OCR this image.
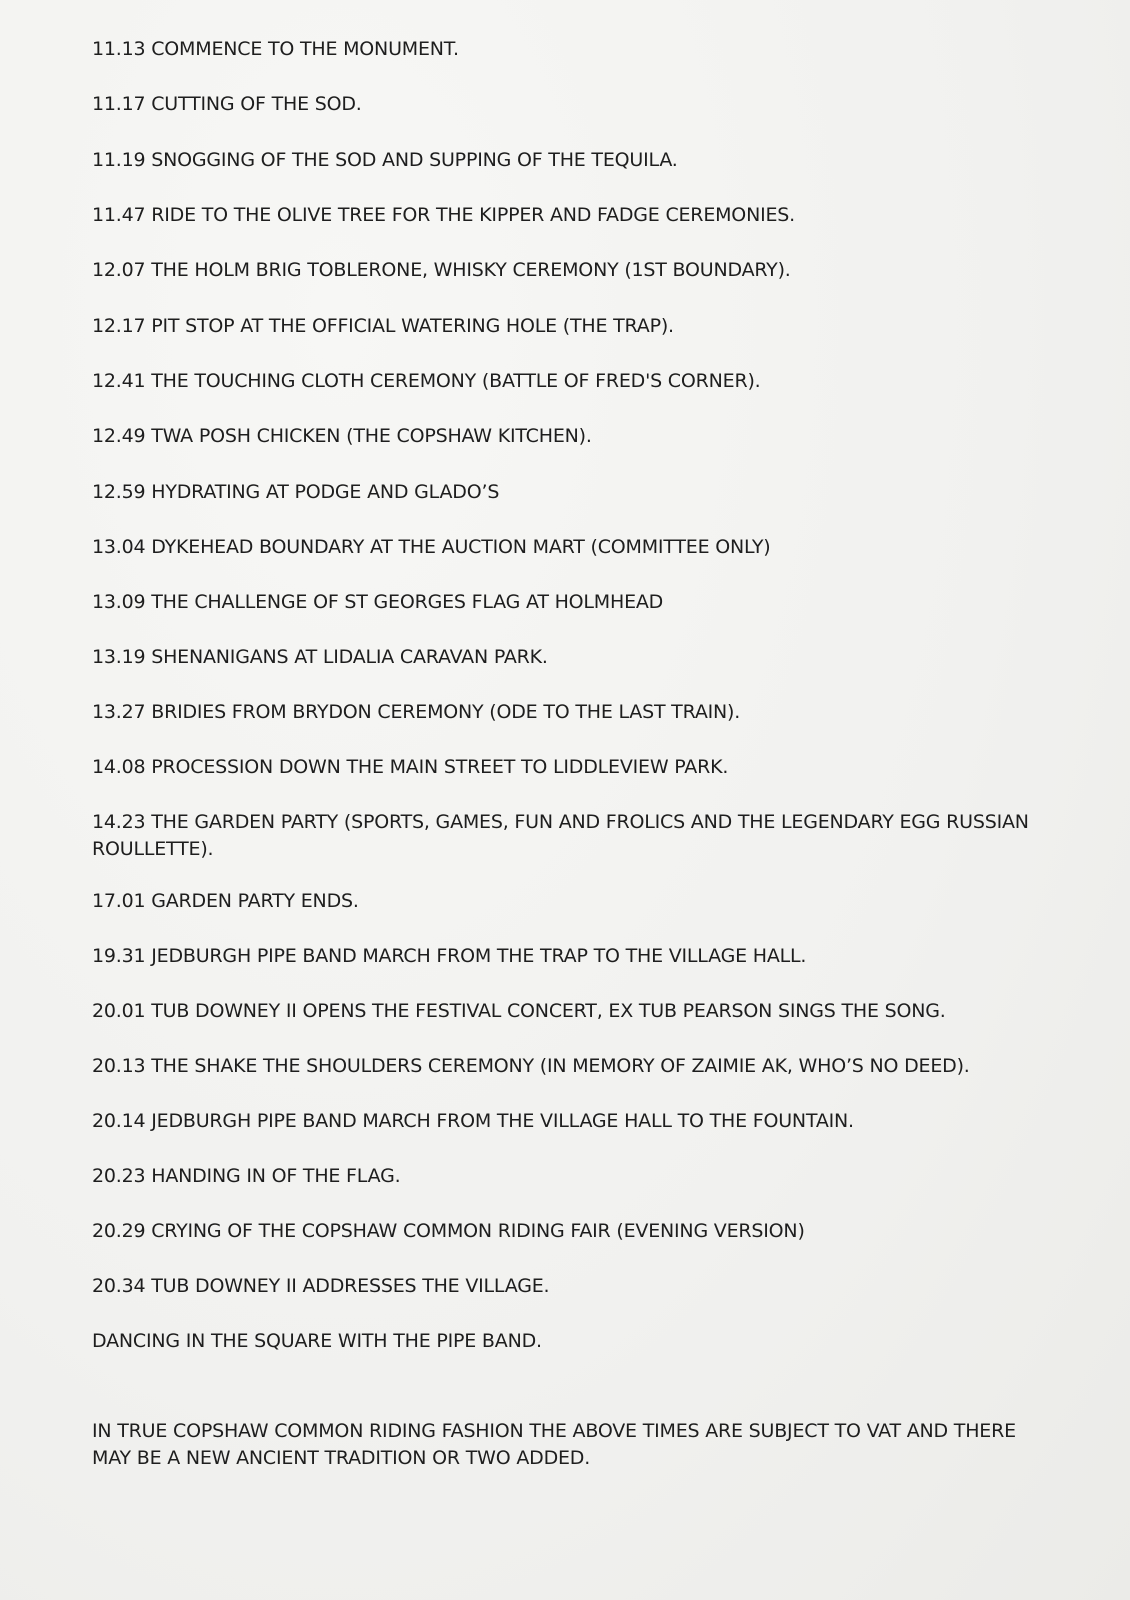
11.13 COMMENCE TO THE MONUMENT.
11.17 CUTTING OF THE SOD.
11.19 SNOGGING OF THE SOD AND SUPPING OF THE TEQUILA.
11.47 RIDE TO THE OLIVE TREE FOR THE KIPPER AND FADGE CEREMONIES.
12.07 THE HOLM BRIG TOBLERONE, WHISKY CEREMONY (1ST BOUNDARY).
12.17 PIT STOP AT THE OFFICIAL WATERING HOLE (THE TRAP).
12.41 THE TOUCHING CLOTH CEREMONY (BATTLE OF FRED'S CORNER).
12.49 TWA POSH CHICKEN (THE COPSHAW KITCHEN).
12.59 HYDRATING AT PODGE AND GLADO’S
13.04 DYKEHEAD BOUNDARY AT THE AUCTION MART (COMMITTEE ONLY)
13.09 THE CHALLENGE OF ST GEORGES FLAG AT HOLMHEAD
13.19 SHENANIGANS AT LIDALIA CARAVAN PARK.
13.27 BRIDIES FROM BRYDON CEREMONY (ODE TO THE LAST TRAIN).
14.08 PROCESSION DOWN THE MAIN STREET TO LIDDLEVIEW PARK.
14.23 THE GARDEN PARTY (SPORTS, GAMES, FUN AND FROLICS AND THE LEGENDARY EGG RUSSIAN ROULLETTE).
17.01 GARDEN PARTY ENDS.
19.31 JEDBURGH PIPE BAND MARCH FROM THE TRAP TO THE VILLAGE HALL.
20.01 TUB DOWNEY II OPENS THE FESTIVAL CONCERT, EX TUB PEARSON SINGS THE SONG.
20.13 THE SHAKE THE SHOULDERS CEREMONY (IN MEMORY OF ZAIMIE AK, WHO’S NO DEED).
20.14 JEDBURGH PIPE BAND MARCH FROM THE VILLAGE HALL TO THE FOUNTAIN.
20.23 HANDING IN OF THE FLAG.
20.29 CRYING OF THE COPSHAW COMMON RIDING FAIR (EVENING VERSION)
20.34 TUB DOWNEY II ADDRESSES THE VILLAGE.
DANCING IN THE SQUARE WITH THE PIPE BAND.
IN TRUE COPSHAW COMMON RIDING FASHION THE ABOVE TIMES ARE SUBJECT TO VAT AND THERE MAY BE A NEW ANCIENT TRADITION OR TWO ADDED.
